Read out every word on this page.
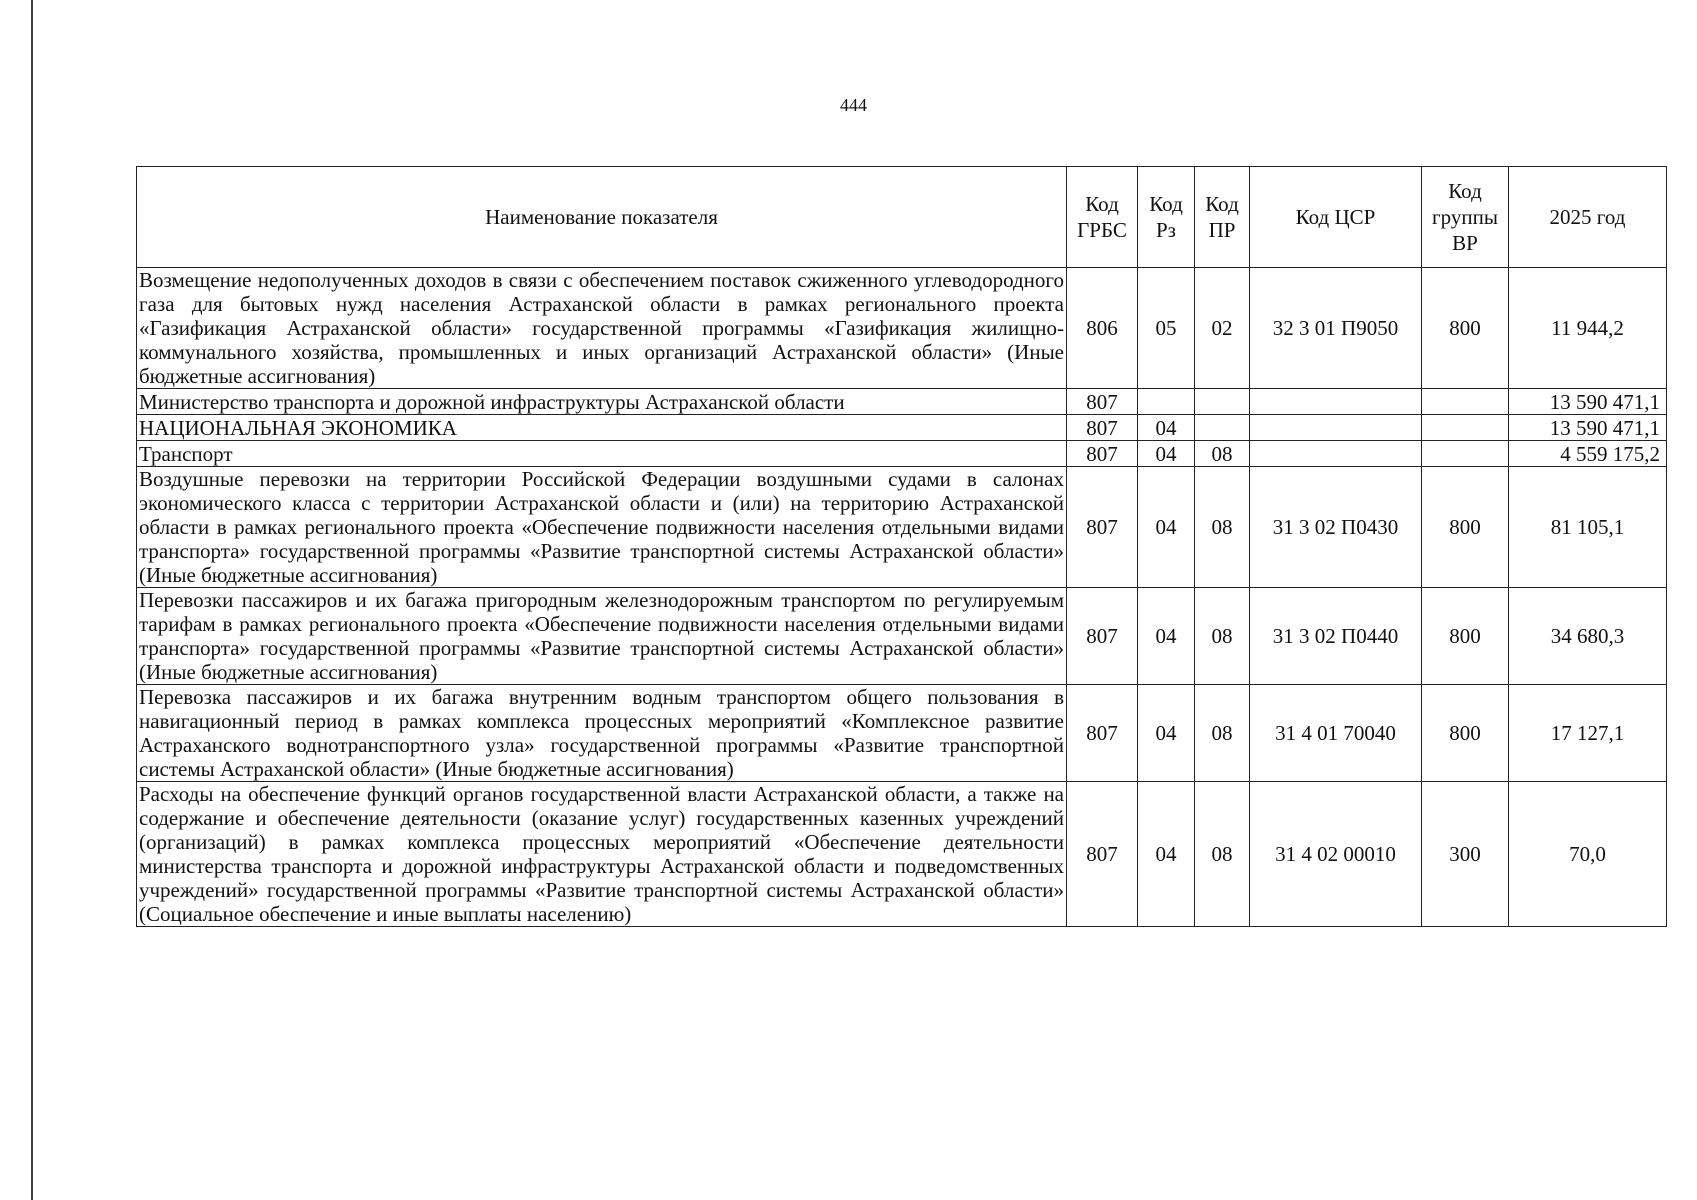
444
Наименование показателя	Код ГРБС	Код Рз	Код ПР	Код ЦСР	Код группы ВР	2025 год
Возмещение недополученных доходов в связи с обеспечением поставок сжиженного углеводородного газа для бытовых нужд населения Астраханской области в рамках регионального проекта «Газификация Астраханской области» государственной программы «Газификация жилищно-коммунального хозяйства, промышленных и иных организаций Астраханской области» (Иные бюджетные ассигнования)	806	05	02	32 3 01 П9050	800	11 944,2
Министерство транспорта и дорожной инфраструктуры Астраханской области	807					13 590 471,1
НАЦИОНАЛЬНАЯ ЭКОНОМИКА	807	04				13 590 471,1
Транспорт	807	04	08			4 559 175,2
Воздушные перевозки на территории Российской Федерации воздушными судами в салонах экономического класса с территории Астраханской области и (или) на территорию Астраханской области в рамках регионального проекта «Обеспечение подвижности населения отдельными видами транспорта» государственной программы «Развитие транспортной системы Астраханской области» (Иные бюджетные ассигнования)	807	04	08	31 3 02 П0430	800	81 105,1
Перевозки пассажиров и их багажа пригородным железнодорожным транспортом по регулируемым тарифам в рамках регионального проекта «Обеспечение подвижности населения отдельными видами транспорта» государственной программы «Развитие транспортной системы Астраханской области» (Иные бюджетные ассигнования)	807	04	08	31 3 02 П0440	800	34 680,3
Перевозка пассажиров и их багажа внутренним водным транспортом общего пользования в навигационный период в рамках комплекса процессных мероприятий «Комплексное развитие Астраханского воднотранспортного узла» государственной программы «Развитие транспортной системы Астраханской области» (Иные бюджетные ассигнования)	807	04	08	31 4 01 70040	800	17 127,1
Расходы на обеспечение функций органов государственной власти Астраханской области, а также на содержание и обеспечение деятельности (оказание услуг) государственных казенных учреждений (организаций) в рамках комплекса процессных мероприятий «Обеспечение деятельности министерства транспорта и дорожной инфраструктуры Астраханской области и подведомственных учреждений» государственной программы «Развитие транспортной системы Астраханской области» (Социальное обеспечение и иные выплаты населению)	807	04	08	31 4 02 00010	300	70,0
